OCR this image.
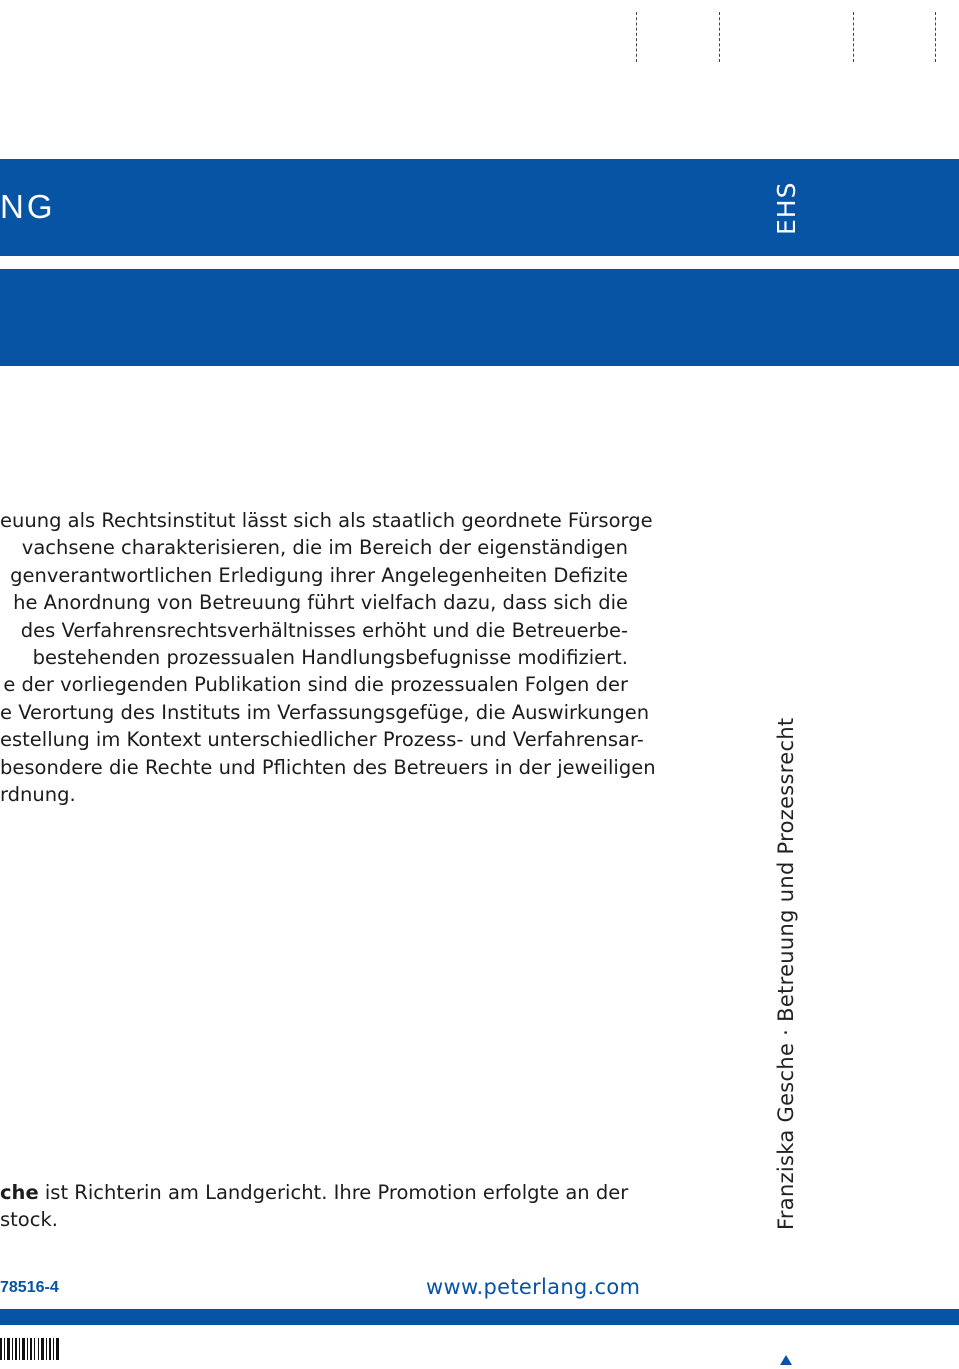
NG	EHS
Franziska Gesche · Betreuung und Prozessrecht
euung als Rechtsinstitut lässt sich als staatlich geordnete Fürsorge
vachsene charakterisieren, die im Bereich der eigenständigen
genverantwortlichen Erledigung ihrer Angelegenheiten Defizite
he Anordnung von Betreuung führt vielfach dazu, dass sich die
des Verfahrensrechtsverhältnisses erhöht und die Betreuerbe-
bestehenden prozessualen Handlungsbefugnisse modifiziert.
e der vorliegenden Publikation sind die prozessualen Folgen der
e Verortung des Instituts im Verfassungsgefüge, die Auswirkungen
estellung im Kontext unterschiedlicher Prozess- und Verfahrensar-
besondere die Rechte und Pflichten des Betreuers in der jeweiligen
rdnung.
che ist Richterin am Landgericht. Ihre Promotion erfolgte an der
stock.
78516-4	www.peterlang.com
